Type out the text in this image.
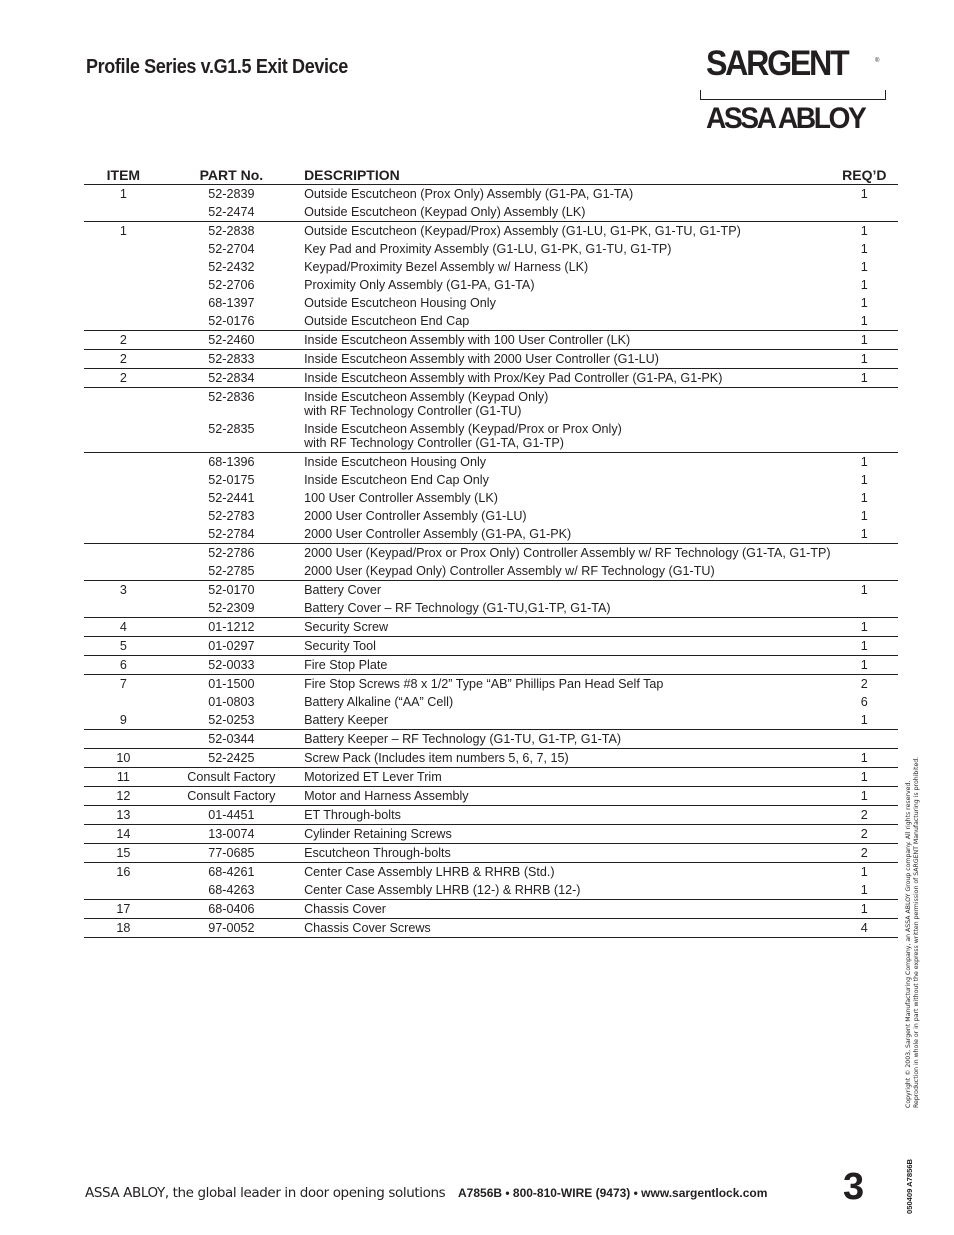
Profile Series v.G1.5 Exit Device	SARGENT	®
ASSA ABLOY
ITEM	PART No.	DESCRIPTION	REQ’D
1	52-2839	Outside Escutcheon (Prox Only) Assembly (G1-PA, G1-TA)	1
	52-2474	Outside Escutcheon (Keypad Only) Assembly (LK)	
1	52-2838	Outside Escutcheon (Keypad/Prox) Assembly (G1-LU, G1-PK, G1-TU, G1-TP)	1
	52-2704	Key Pad and Proximity Assembly (G1-LU, G1-PK, G1-TU, G1-TP)	1
	52-2432	Keypad/Proximity Bezel Assembly w/ Harness (LK)	1
	52-2706	Proximity Only Assembly (G1-PA, G1-TA)	1
	68-1397	Outside Escutcheon Housing Only	1
	52-0176	Outside Escutcheon End Cap	1
2	52-2460	Inside Escutcheon Assembly with 100 User Controller (LK)	1
2	52-2833	Inside Escutcheon Assembly with 2000 User Controller (G1-LU)	1
2	52-2834	Inside Escutcheon Assembly with Prox/Key Pad Controller (G1-PA, G1-PK)	1
	52-2836	Inside Escutcheon Assembly (Keypad Only)
with RF Technology Controller (G1-TU)	

	52-2835	Inside Escutcheon Assembly (Keypad/Prox or Prox Only)
with RF Technology Controller (G1-TA, G1-TP)	

	68-1396	Inside Escutcheon Housing Only	1
	52-0175	Inside Escutcheon End Cap Only	1
	52-2441	100 User Controller Assembly (LK)	1
	52-2783	2000 User Controller Assembly (G1-LU)	1
	52-2784	2000 User Controller Assembly (G1-PA, G1-PK)	1
	52-2786	2000 User (Keypad/Prox or Prox Only) Controller Assembly w/ RF Technology (G1-TA, G1-TP)	
	52-2785	2000 User (Keypad Only) Controller Assembly w/ RF Technology (G1-TU)	
3	52-0170	Battery Cover	1
	52-2309	Battery Cover – RF Technology (G1-TU,G1-TP, G1-TA)	
4	01-1212	Security Screw	1
5	01-0297	Security Tool	1
6	52-0033	Fire Stop Plate	1
7	01-1500	Fire Stop Screws #8 x 1/2” Type “AB” Phillips Pan Head Self Tap	2
	01-0803	Battery Alkaline (“AA” Cell)	6
9	52-0253	Battery Keeper	1
	52-0344	Battery Keeper – RF Technology (G1-TU, G1-TP, G1-TA)	
10	52-2425	Screw Pack (Includes item numbers 5, 6, 7, 15)	1
11	Consult Factory	Motorized ET Lever Trim	1
12	Consult Factory	Motor and Harness Assembly	1
13	01-4451	ET Through-bolts	2
14	13-0074	Cylinder Retaining Screws	2
15	77-0685	Escutcheon Through-bolts	2
16	68-4261	Center Case Assembly LHRB & RHRB (Std.)	1
	68-4263	Center Case Assembly LHRB (12-) & RHRB (12-)	1
17	68-0406	Chassis Cover	1
18	97-0052	Chassis Cover Screws	4	Copyright © 2003, Sargent Manufacturing Company, an ASSA ABLOY Group company. All rights reserved. Reproduction in whole or in part without the express written permission of SARGENT Manufacturing is prohibited.
050409 A7856B
ASSA ABLOY, the global leader in door opening solutions A7856B • 800-810-WIRE (9473) • www.sargentlock.com 3
